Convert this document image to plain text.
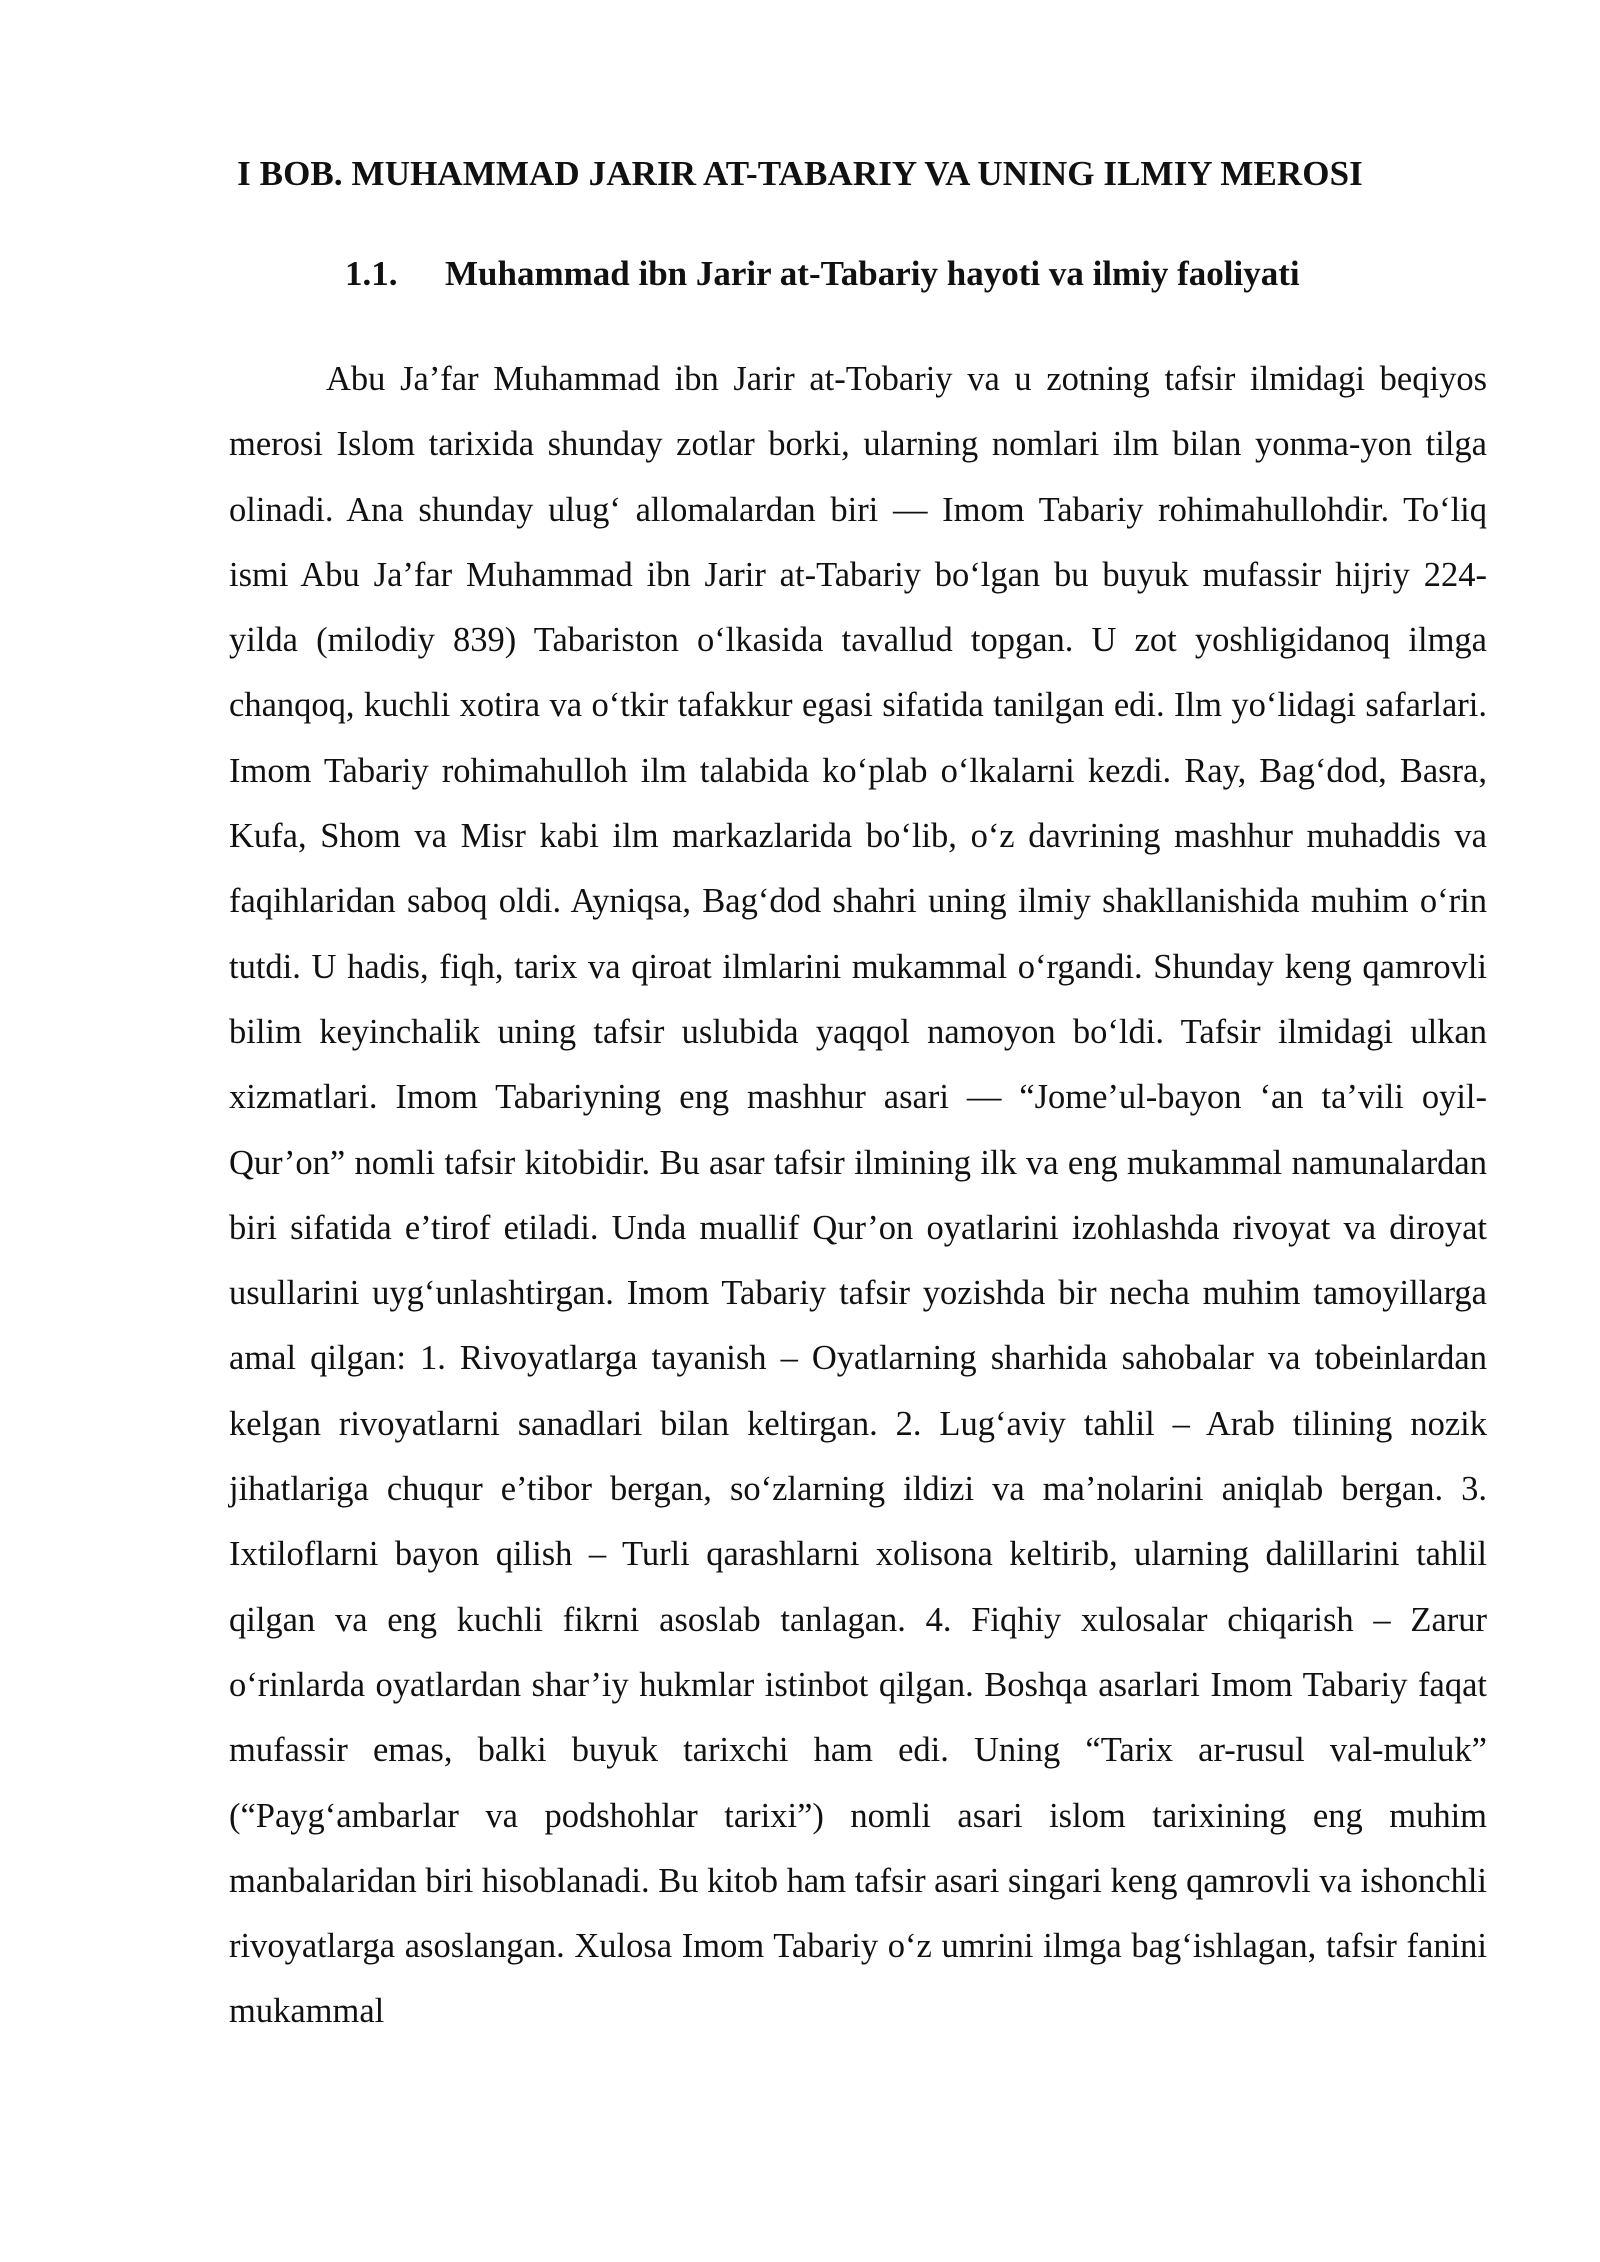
I BOB. MUHAMMAD JARIR AT-TABARIY VA UNING ILMIY MEROSI
1.1. Muhammad ibn Jarir at-Tabariy hayoti va ilmiy faoliyati

Abu Ja’far Muhammad ibn Jarir at-Tobariy va u zotning tafsir ilmidagi beqiyos merosi Islom tarixida shunday zotlar borki, ularning nomlari ilm bilan yonma-yon tilga olinadi. Ana shunday ulug‘ allomalardan biri — Imom Tabariy rohimahullohdir. To‘liq ismi Abu Ja’far Muhammad ibn Jarir at-Tabariy bo‘lgan bu buyuk mufassir hijriy 224-yilda (milodiy 839) Tabariston o‘lkasida tavallud topgan. U zot yoshligidanoq ilmga chanqoq, kuchli xotira va o‘tkir tafakkur egasi sifatida tanilgan edi. Ilm yo‘lidagi safarlari. Imom Tabariy rohimahulloh ilm talabida ko‘plab o‘lkalarni kezdi. Ray, Bag‘dod, Basra, Kufa, Shom va Misr kabi ilm markazlarida bo‘lib, o‘z davrining mashhur muhaddis va faqihlaridan saboq oldi. Ayniqsa, Bag‘dod shahri uning ilmiy shakllanishida muhim o‘rin tutdi. U hadis, fiqh, tarix va qiroat ilmlarini mukammal o‘rgandi. Shunday keng qamrovli bilim keyinchalik uning tafsir uslubida yaqqol namoyon bo‘ldi. Tafsir ilmidagi ulkan xizmatlari. Imom Tabariyning eng mashhur asari — “Jome’ul-bayon ‘an ta’vili oyil-Qur’on” nomli tafsir kitobidir. Bu asar tafsir ilmining ilk va eng mukammal namunalardan biri sifatida e’tirof etiladi. Unda muallif Qur’on oyatlarini izohlashda rivoyat va diroyat usullarini uyg‘unlashtirgan. Imom Tabariy tafsir yozishda bir necha muhim tamoyillarga amal qilgan: 1. Rivoyatlarga tayanish – Oyatlarning sharhida sahobalar va tobeinlardan kelgan rivoyatlarni sanadlari bilan keltirgan. 2. Lug‘aviy tahlil – Arab tilining nozik jihatlariga chuqur e’tibor bergan, so‘zlarning ildizi va ma’nolarini aniqlab bergan. 3. Ixtiloflarni bayon qilish – Turli qarashlarni xolisona keltirib, ularning dalillarini tahlil qilgan va eng kuchli fikrni asoslab tanlagan. 4. Fiqhiy xulosalar chiqarish – Zarur o‘rinlarda oyatlardan shar’iy hukmlar istinbot qilgan. Boshqa asarlari Imom Tabariy faqat mufassir emas, balki buyuk tarixchi ham edi. Uning “Tarix ar-rusul val-muluk” (“Payg‘ambarlar va podshohlar tarixi”) nomli asari islom tarixining eng muhim manbalaridan biri hisoblanadi. Bu kitob ham tafsir asari singari keng qamrovli va ishonchli rivoyatlarga asoslangan. Xulosa Imom Tabariy o‘z umrini ilmga bag‘ishlagan, tafsir fanini mukammal
